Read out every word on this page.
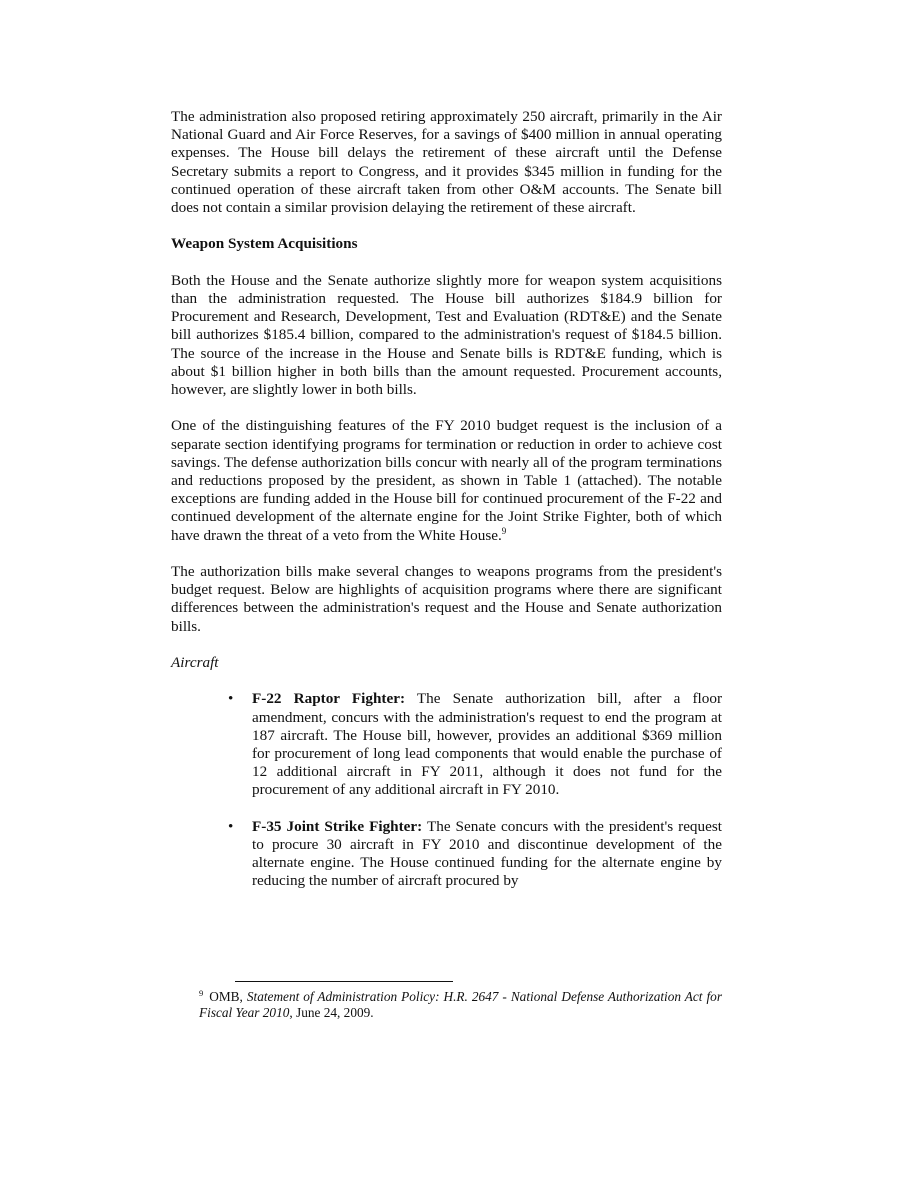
The administration also proposed retiring approximately 250 aircraft, primarily in the Air National Guard and Air Force Reserves, for a savings of $400 million in annual operating expenses. The House bill delays the retirement of these aircraft until the Defense Secretary submits a report to Congress, and it provides $345 million in funding for the continued operation of these aircraft taken from other O&M accounts. The Senate bill does not contain a similar provision delaying the retirement of these aircraft.

Weapon System Acquisitions

Both the House and the Senate authorize slightly more for weapon system acquisitions than the administration requested. The House bill authorizes $184.9 billion for Procurement and Research, Development, Test and Evaluation (RDT&E) and the Senate bill authorizes $185.4 billion, compared to the administration's request of $184.5 billion. The source of the increase in the House and Senate bills is RDT&E funding, which is about $1 billion higher in both bills than the amount requested. Procurement accounts, however, are slightly lower in both bills.

One of the distinguishing features of the FY 2010 budget request is the inclusion of a separate section identifying programs for termination or reduction in order to achieve cost savings. The defense authorization bills concur with nearly all of the program terminations and reductions proposed by the president, as shown in Table 1 (attached). The notable exceptions are funding added in the House bill for continued procurement of the F-22 and continued development of the alternate engine for the Joint Strike Fighter, both of which have drawn the threat of a veto from the White House.$^9$

The authorization bills make several changes to weapons programs from the president's budget request. Below are highlights of acquisition programs where there are significant differences between the administration's request and the House and Senate authorization bills.

Aircraft
• F-22 Raptor Fighter: The Senate authorization bill, after a floor amendment, concurs with the administration's request to end the program at 187 aircraft. The House bill, however, provides an additional $369 million for procurement of long lead components that would enable the purchase of 12 additional aircraft in FY 2011, although it does not fund for the procurement of any additional aircraft in FY 2010.
• F-35 Joint Strike Fighter: The Senate concurs with the president's request to procure 30 aircraft in FY 2010 and discontinue development of the alternate engine. The House continued funding for the alternate engine by reducing the number of aircraft procured by
$^9$ OMB, Statement of Administration Policy: H.R. 2647 - National Defense Authorization Act for Fiscal Year 2010, June 24, 2009.
